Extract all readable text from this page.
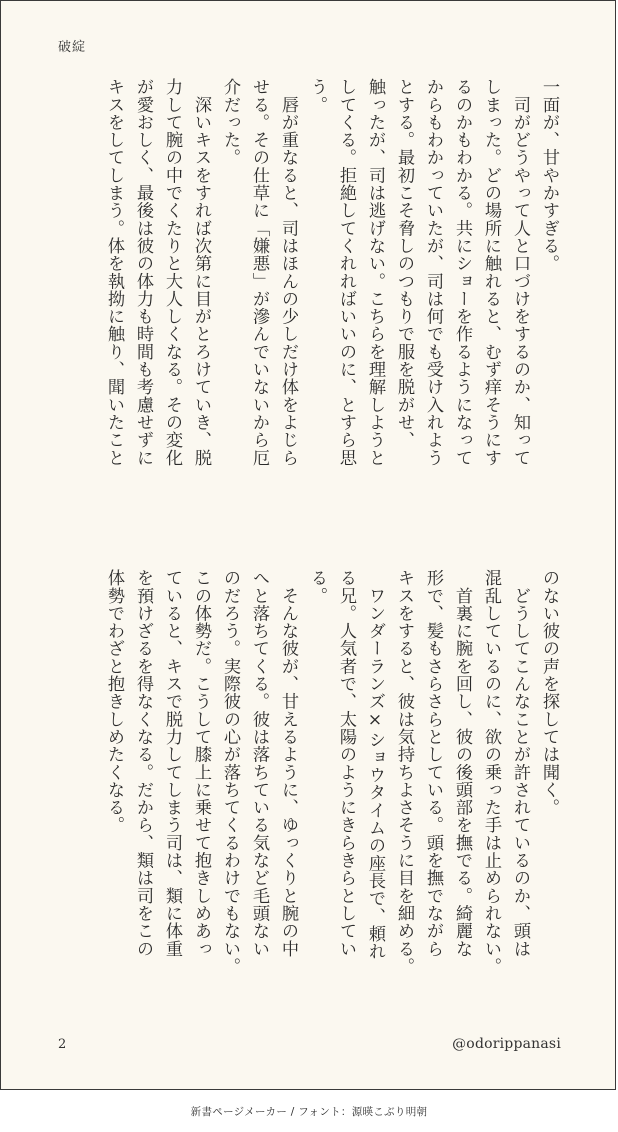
破綻
一面が、甘やかすぎる。
　司がどうやって人と口づけをするのか、知って
しまった。どの場所に触れると、むず痒そうにす
るのかもわかる。共にショーを作るようになって
からもわかっていたが、司は何でも受け入れよう
とする。最初こそ脅しのつもりで服を脱がせ、
触ったが、司は逃げない。こちらを理解しようと
してくる。拒絶してくれればいいのに、とすら思
う。
　唇が重なると、司はほんの少しだけ体をよじら
せる。その仕草に「嫌悪」が滲んでいないから厄
介だった。
　深いキスをすれば次第に目がとろけていき、脱
力して腕の中でくたりと大人しくなる。その変化
が愛おしく、最後は彼の体力も時間も考慮せずに
キスをしてしまう。体を執拗に触り、聞いたこと
のない彼の声を探しては聞く。
　どうしてこんなことが許されているのか、頭は
混乱しているのに、欲の乗った手は止められない。
　首裏に腕を回し、彼の後頭部を撫でる。綺麗な
形で、髪もさらさらとしている。頭を撫でながら
キスをすると、彼は気持ちよさそうに目を細める。
　ワンダーランズ×ショウタイムの座長で、頼れ
る兄。人気者で、太陽のようにきらきらとしてい
る。
　そんな彼が、甘えるように、ゆっくりと腕の中
へと落ちてくる。彼は落ちている気など毛頭ない
のだろう。実際彼の心が落ちてくるわけでもない。
この体勢だ。こうして膝上に乗せて抱きしめあっ
ていると、キスで脱力してしまう司は、類に体重
を預けざるを得なくなる。だから、類は司をこの
体勢でわざと抱きしめたくなる。
2	@odorippanasi
新書ページメーカー / フォント：源暎こぶり明朝
